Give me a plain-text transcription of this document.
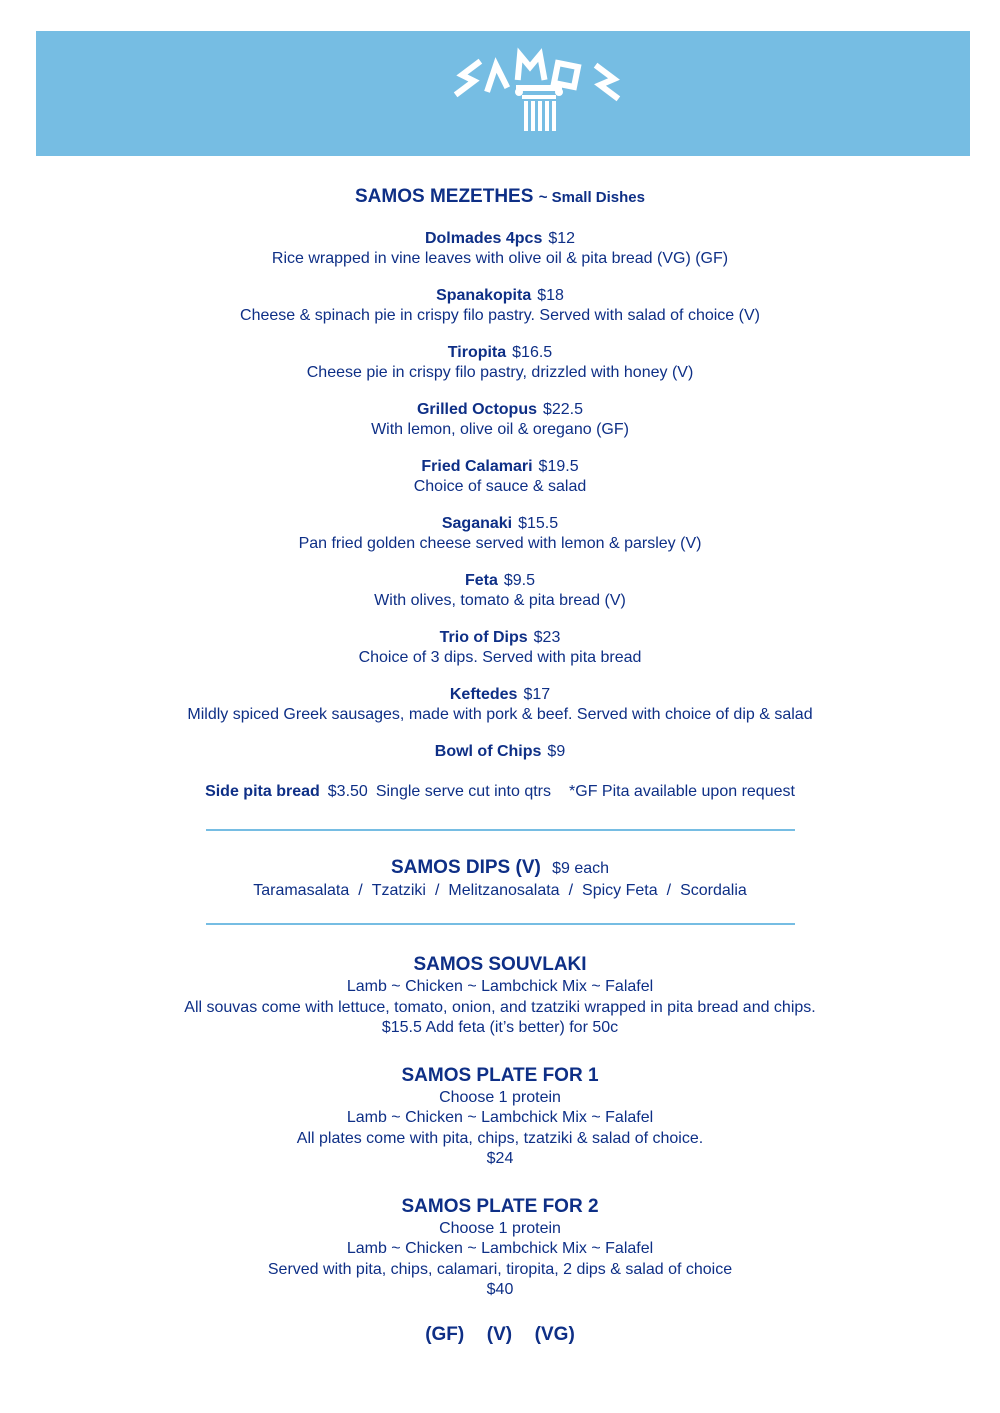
SAMOS MEZETHES ~ Small Dishes
Dolmades 4pcs $12
Rice wrapped in vine leaves with olive oil & pita bread (VG) (GF)
Spanakopita $18
Cheese & spinach pie in crispy filo pastry. Served with salad of choice (V)
Tiropita $16.5
Cheese pie in crispy filo pastry, drizzled with honey (V)
Grilled Octopus $22.5
With lemon, olive oil & oregano (GF)
Fried Calamari $19.5
Choice of sauce & salad
Saganaki $15.5
Pan fried golden cheese served with lemon & parsley (V)
Feta $9.5
With olives, tomato & pita bread (V)
Trio of Dips $23
Choice of 3 dips. Served with pita bread
Keftedes $17
Mildly spiced Greek sausages, made with pork & beef. Served with choice of dip & salad
Bowl of Chips $9
Side pita bread $3.50 Single serve cut into qtrs *GF Pita available upon request
SAMOS DIPS (V) $9 each
Taramasalata / Tzatziki / Melitzanosalata / Spicy Feta / Scordalia
SAMOS SOUVLAKI
Lamb ~ Chicken ~ Lambchick Mix ~ Falafel
All souvas come with lettuce, tomato, onion, and tzatziki wrapped in pita bread and chips.
$15.5 Add feta (it’s better) for 50c
SAMOS PLATE FOR 1
Choose 1 protein
Lamb ~ Chicken ~ Lambchick Mix ~ Falafel
All plates come with pita, chips, tzatziki & salad of choice.
$24
SAMOS PLATE FOR 2
Choose 1 protein
Lamb ~ Chicken ~ Lambchick Mix ~ Falafel
Served with pita, chips, calamari, tiropita, 2 dips & salad of choice
$40
(GF)  (V)  (VG)
